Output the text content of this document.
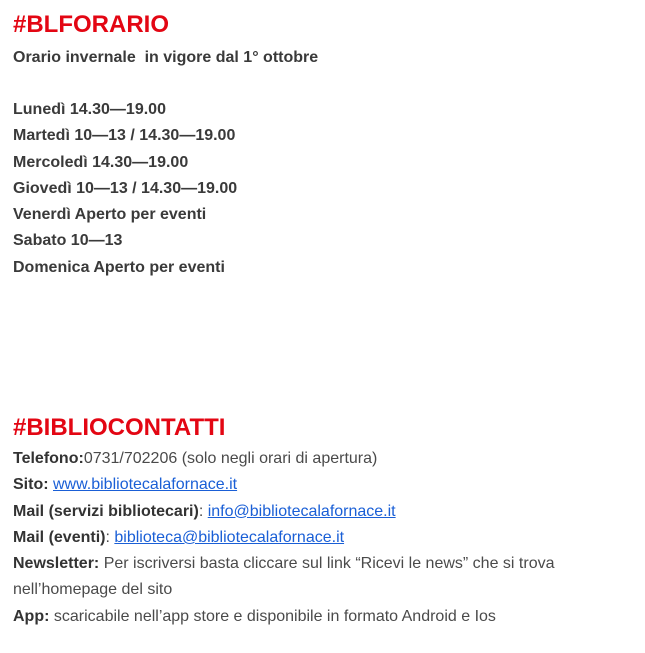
#BLFORARIO

Orario invernale  in vigore dal 1° ottobre

Lunedì 14.30—19.00
Martedì 10—13 / 14.30—19.00
Mercoledì 14.30—19.00
Giovedì 10—13 / 14.30—19.00
Venerdì Aperto per eventi
Sabato 10—13
Domenica Aperto per eventi
#BIBLIOCONTATTI
Telefono:0731/702206 (solo negli orari di apertura)
Sito: www.bibliotecalafornace.it
Mail (servizi bibliotecari): info@bibliotecalafornace.it
Mail (eventi): biblioteca@bibliotecalafornace.it
Newsletter: Per iscriversi basta cliccare sul link “Ricevi le news” che si trova nell’homepage del sito
App: scaricabile nell’app store e disponibile in formato Android e Ios
